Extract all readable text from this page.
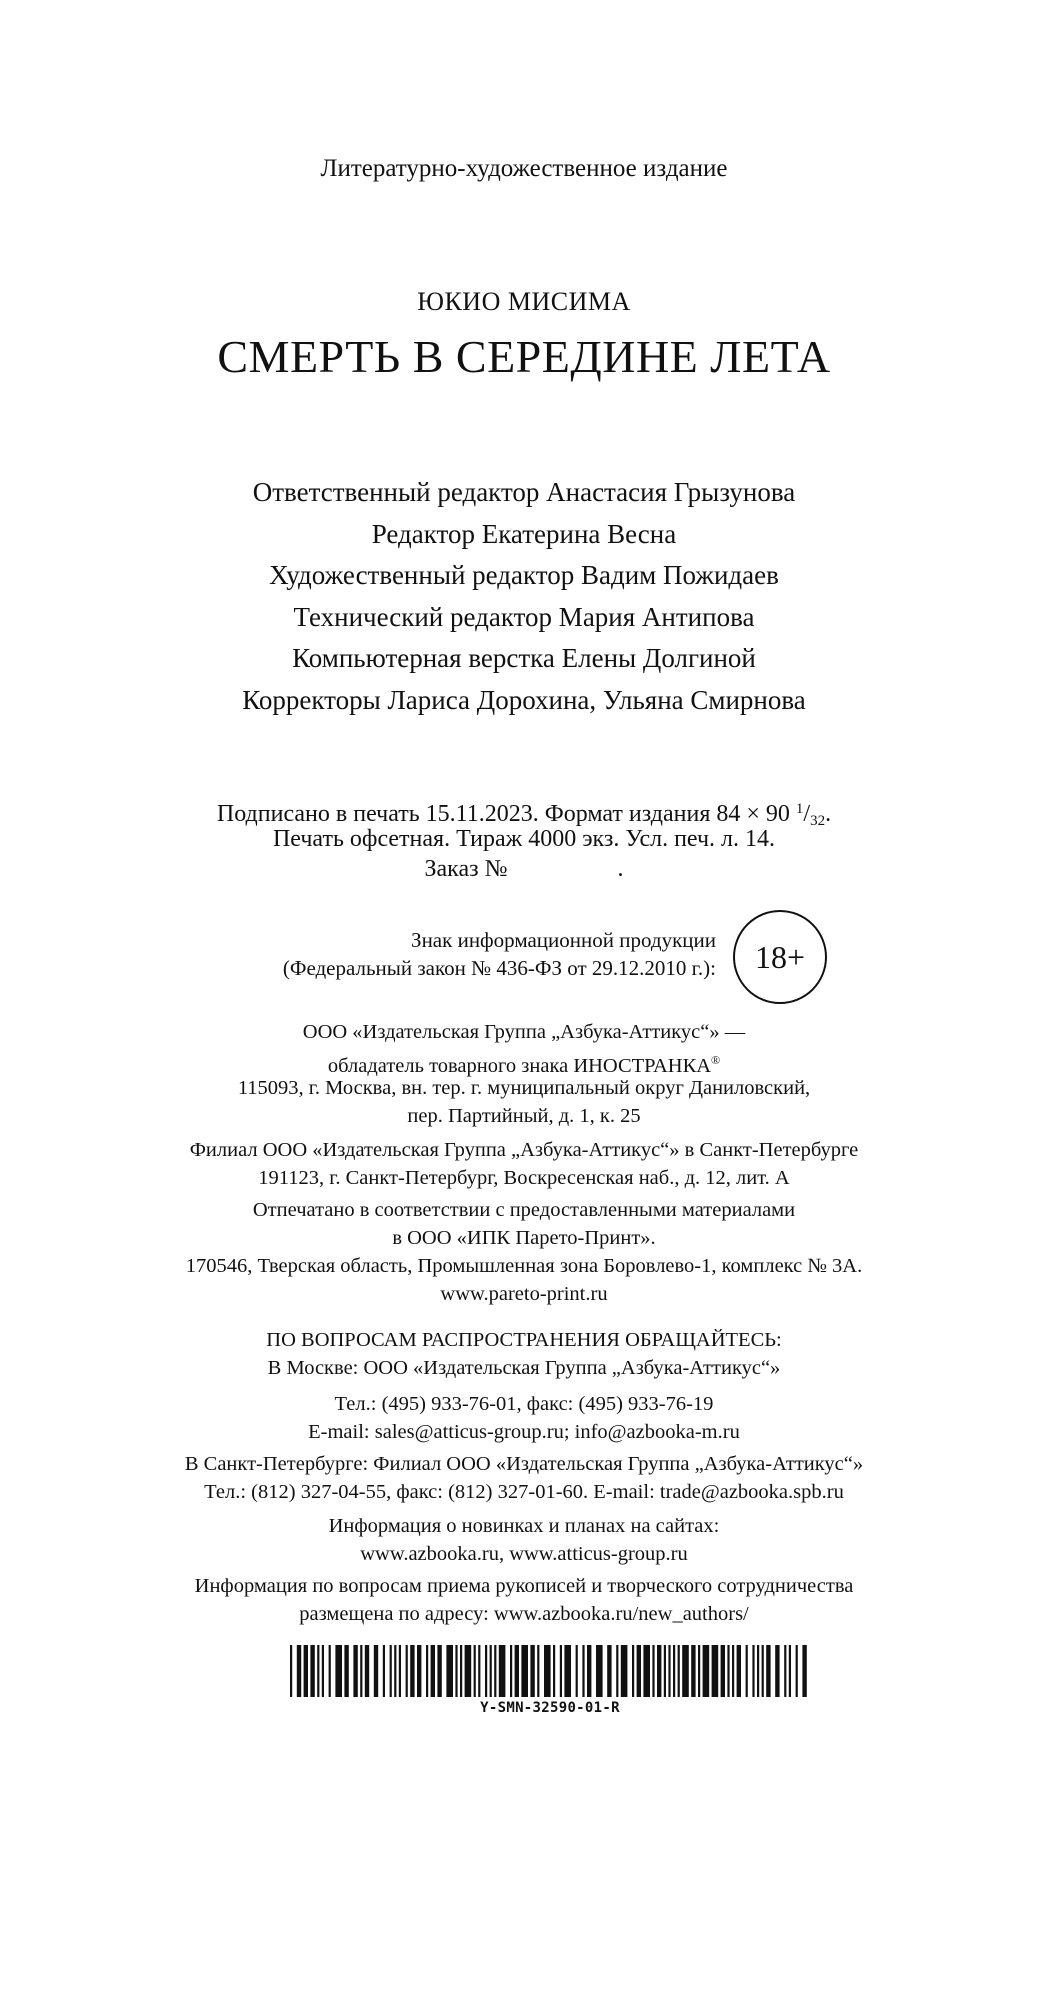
Литературно-художественное издание
ЮКИО МИСИМА
СМЕРТЬ В СЕРЕДИНЕ ЛЕТА
Ответственный редактор Анастасия Грызунова
Редактор Екатерина Весна
Художественный редактор Вадим Пожидаев
Технический редактор Мария Антипова
Компьютерная верстка Елены Долгиной
Корректоры Лариса Дорохина, Ульяна Смирнова
Подписано в печать 15.11.2023. Формат издания 84 × 90 $^1$/32.
Печать офсетная. Тираж 4000 экз. Усл. печ. л. 14.
Заказ №	.
Знак информационной продукции
(Федеральный закон № 436-ФЗ от 29.12.2010 г.): 18+
ООО «Издательская Группа „Азбука-Аттикус“» —
обладатель товарного знака ИНОСТРАНКА®
115093, г. Москва, вн. тер. г. муниципальный округ Даниловский,
пер. Партийный, д. 1, к. 25
Филиал ООО «Издательская Группа „Азбука-Аттикус“» в Санкт-Петербурге
191123, г. Санкт-Петербург, Воскресенская наб., д. 12, лит. А
Отпечатано в соответствии с предоставленными материалами
в ООО «ИПК Парето-Принт».
170546, Тверская область, Промышленная зона Боровлево-1, комплекс № 3А.
www.pareto-print.ru
ПО ВОПРОСАМ РАСПРОСТРАНЕНИЯ ОБРАЩАЙТЕСЬ:
В Москве: ООО «Издательская Группа „Азбука-Аттикус“»
Тел.: (495) 933-76-01, факс: (495) 933-76-19
E-mail: sales@atticus-group.ru; info@azbooka-m.ru
В Санкт-Петербурге: Филиал ООО «Издательская Группа „Азбука-Аттикус“»
Тел.: (812) 327-04-55, факс: (812) 327-01-60. E-mail: trade@azbooka.spb.ru
Информация о новинках и планах на сайтах:
www.azbooka.ru, www.atticus-group.ru
Информация по вопросам приема рукописей и творческого сотрудничества
размещена по адресу: www.azbooka.ru/new_authors/
Y-SMN-32590-01-R
